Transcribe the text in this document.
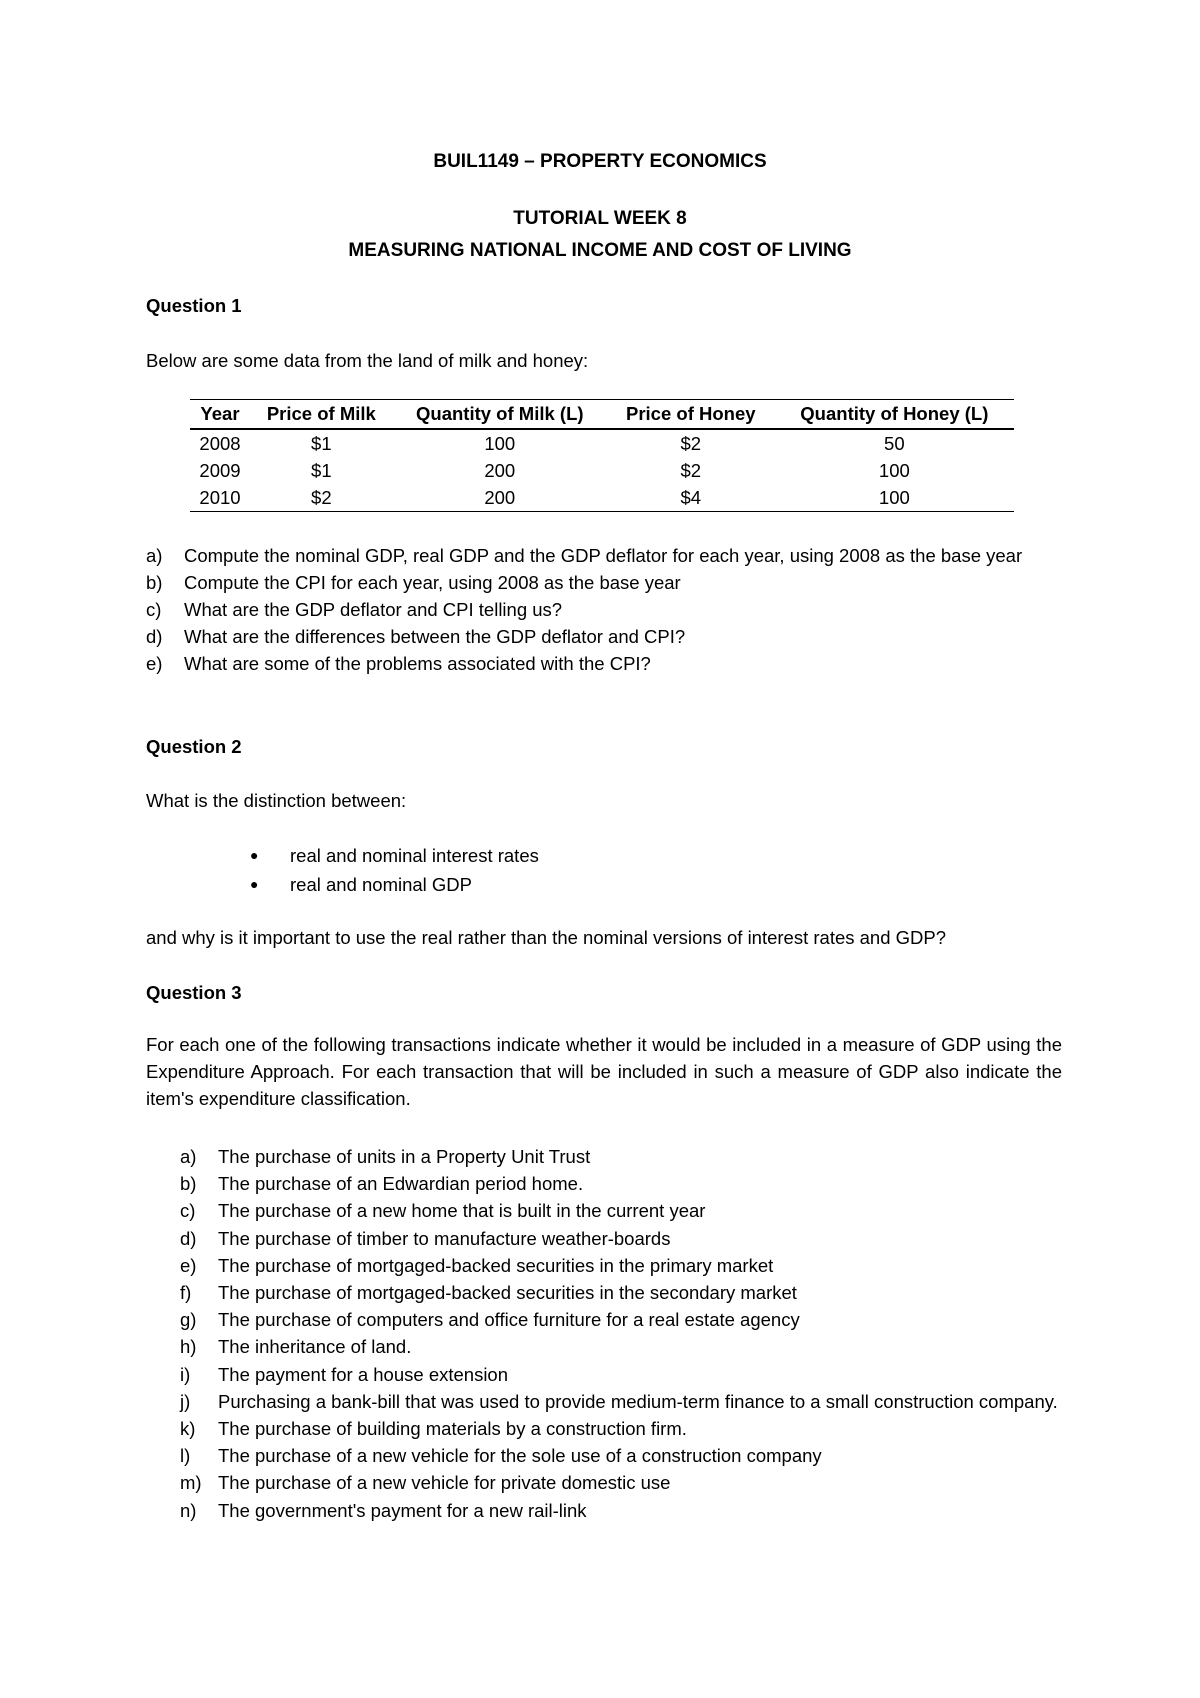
BUIL1149 – PROPERTY ECONOMICS
TUTORIAL WEEK 8
MEASURING NATIONAL INCOME AND COST OF LIVING
Question 1
Below are some data from the land of milk and honey:
Year	Price of Milk	Quantity of Milk (L)	Price of Honey	Quantity of Honey (L)
2008	$1	100	$2	50
2009	$1	200	$2	100
2010	$2	200	$4	100
a)	Compute the nominal GDP, real GDP and the GDP deflator for each year, using 2008 as the base year
b)	Compute the CPI for each year, using 2008 as the base year
c)	What are the GDP deflator and CPI telling us?
d)	What are the differences between the GDP deflator and CPI?
e)	What are some of the problems associated with the CPI?
Question 2
What is the distinction between:
●	real and nominal interest rates
●	real and nominal GDP
and why is it important to use the real rather than the nominal versions of interest rates and GDP?
Question 3
For each one of the following transactions indicate whether it would be included in a measure of GDP using the Expenditure Approach. For each transaction that will be included in such a measure of GDP also indicate the item's expenditure classification.
a)	The purchase of units in a Property Unit Trust
b)	The purchase of an Edwardian period home.
c)	The purchase of a new home that is built in the current year
d)	The purchase of timber to manufacture weather-boards
e)	The purchase of mortgaged-backed securities in the primary market
f)	The purchase of mortgaged-backed securities in the secondary market
g)	The purchase of computers and office furniture for a real estate agency
h)	The inheritance of land.
i)	The payment for a house extension
j)	Purchasing a bank-bill that was used to provide medium-term finance to a small construction company.
k)	The purchase of building materials by a construction firm.
l)	The purchase of a new vehicle for the sole use of a construction company
m) The purchase of a new vehicle for private domestic use
n)	The government's payment for a new rail-link
